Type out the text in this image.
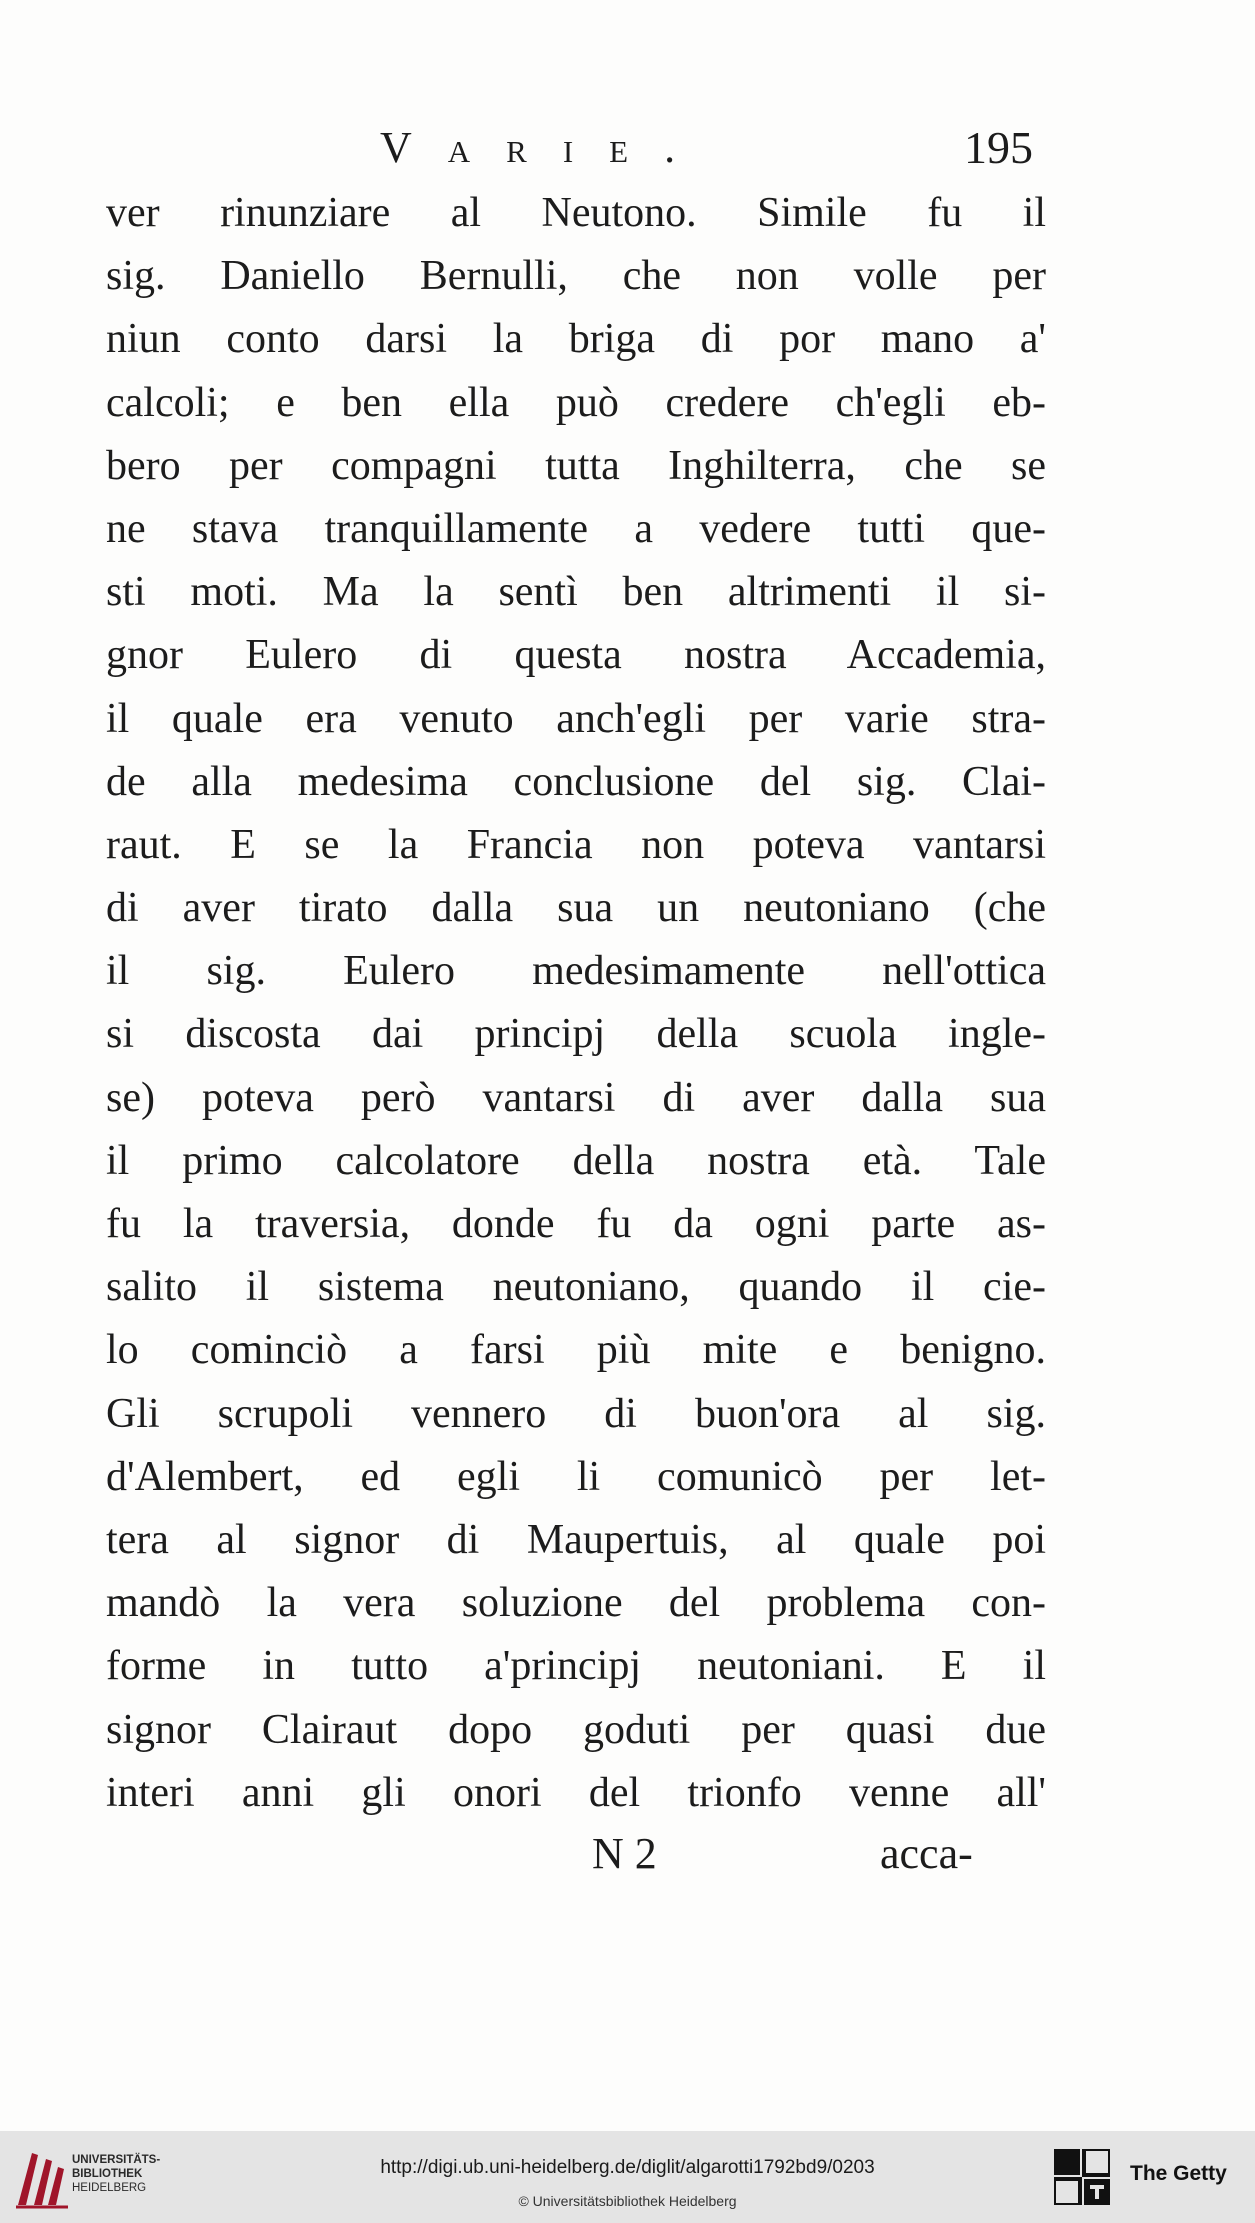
Varie.	195
ver rinunziare al Neutono. Simile fu il
sig. Daniello Bernulli, che non volle per
niun conto darsi la briga di por mano a'
calcoli; e ben ella può credere ch'egli eb-
bero per compagni tutta Inghilterra, che se
ne stava tranquillamente a vedere tutti que-
sti moti. Ma la sentì ben altrimenti il si-
gnor Eulero di questa nostra Accademia,
il quale era venuto anch'egli per varie stra-
de alla medesima conclusione del sig. Clai-
raut. E se la Francia non poteva vantarsi
di aver tirato dalla sua un neutoniano (che
il sig. Eulero medesimamente nell'ottica
si discosta dai principj della scuola ingle-
se) poteva però vantarsi di aver dalla sua
il primo calcolatore della nostra età. Tale
fu la traversia, donde fu da ogni parte as-
salito il sistema neutoniano, quando il cie-
lo cominciò a farsi più mite e benigno.
Gli scrupoli vennero di buon'ora al sig.
d'Alembert, ed egli li comunicò per let-
tera al signor di Maupertuis, al quale poi
mandò la vera soluzione del problema con-
forme in tutto a'principj neutoniani. E il
signor Clairaut dopo goduti per quasi due
interi anni gli onori del trionfo venne all'
N 2	acca-
UNIVERSITÄTS-
BIBLIOTHEK
HEIDELBERG
http://digi.ub.uni-heidelberg.de/diglit/algarotti1792bd9/0203
© Universitätsbibliothek Heidelberg
The Getty
